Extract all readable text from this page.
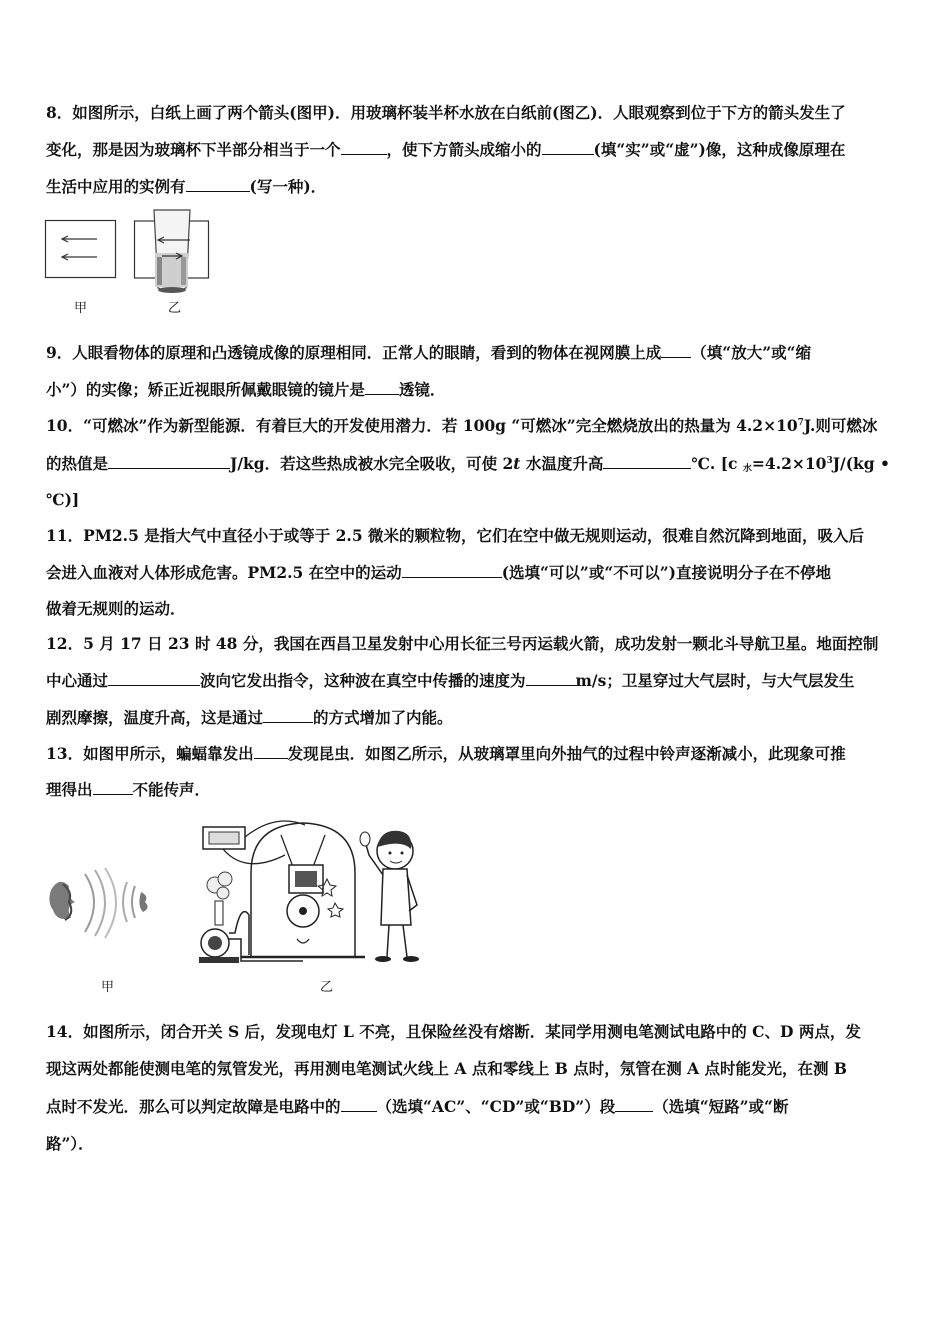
8．如图所示，白纸上画了两个箭头(图甲)．用玻璃杯装半杯水放在白纸前(图乙)．人眼观察到位于下方的箭头发生了
变化，那是因为玻璃杯下半部分相当于一个	，使下方箭头成缩小的	(填“实”或“虚”)像，这种成像原理在
生活中应用的实例有	(写一种)．
甲	乙
9．人眼看物体的原理和凸透镜成像的原理相同．正常人的眼睛，看到的物体在视网膜上成 （填“放大”或“缩
小”）的实像；矫正近视眼所佩戴眼镜的镜片是 透镜．
10．“可燃冰”作为新型能源．有着巨大的开发使用潜力．若 100g “可燃冰”完全燃烧放出的热量为 $4.2\times 10^7J$.则可燃冰
的热值是	J/kg．若这些热成被水完全吸收，可使 2t 水温度升高	℃. [c $_水=4.2\times 10^3J/(kg$ •
℃)]
11．PM2.5 是指大气中直径小于或等于 2.5 微米的颗粒物，它们在空中做无规则运动，很难自然沉降到地面，吸入后
会进入血液对人体形成危害。PM2.5 在空中的运动	(选填“可以”或“不可以”)直接说明分子在不停地
做着无规则的运动．
12．5 月 17 日 23 时 48 分，我国在西昌卫星发射中心用长征三号丙运载火箭，成功发射一颗北斗导航卫星。地面控制
中心通过	波向它发出指令，这种波在真空中传播的速度为	m/s；卫星穿过大气层时，与大气层发生
剧烈摩擦，温度升高，这是通过	的方式增加了内能。
13．如图甲所示，蝙蝠靠发出 发现昆虫．如图乙所示，从玻璃罩里向外抽气的过程中铃声逐渐减小，此现象可推
理得出	不能传声．
甲	乙
14．如图所示，闭合开关 S 后，发现电灯 L 不亮，且保险丝没有熔断．某同学用测电笔测试电路中的 C、D 两点，发
现这两处都能使测电笔的氖管发光，再用测电笔测试火线上 A 点和零线上 B 点时，氖管在测 A 点时能发光，在测 B
点时不发光．那么可以判定故障是电路中的 （选填“AC”、“CD”或“BD”）段 （选填“短路”或“断
路”）．
